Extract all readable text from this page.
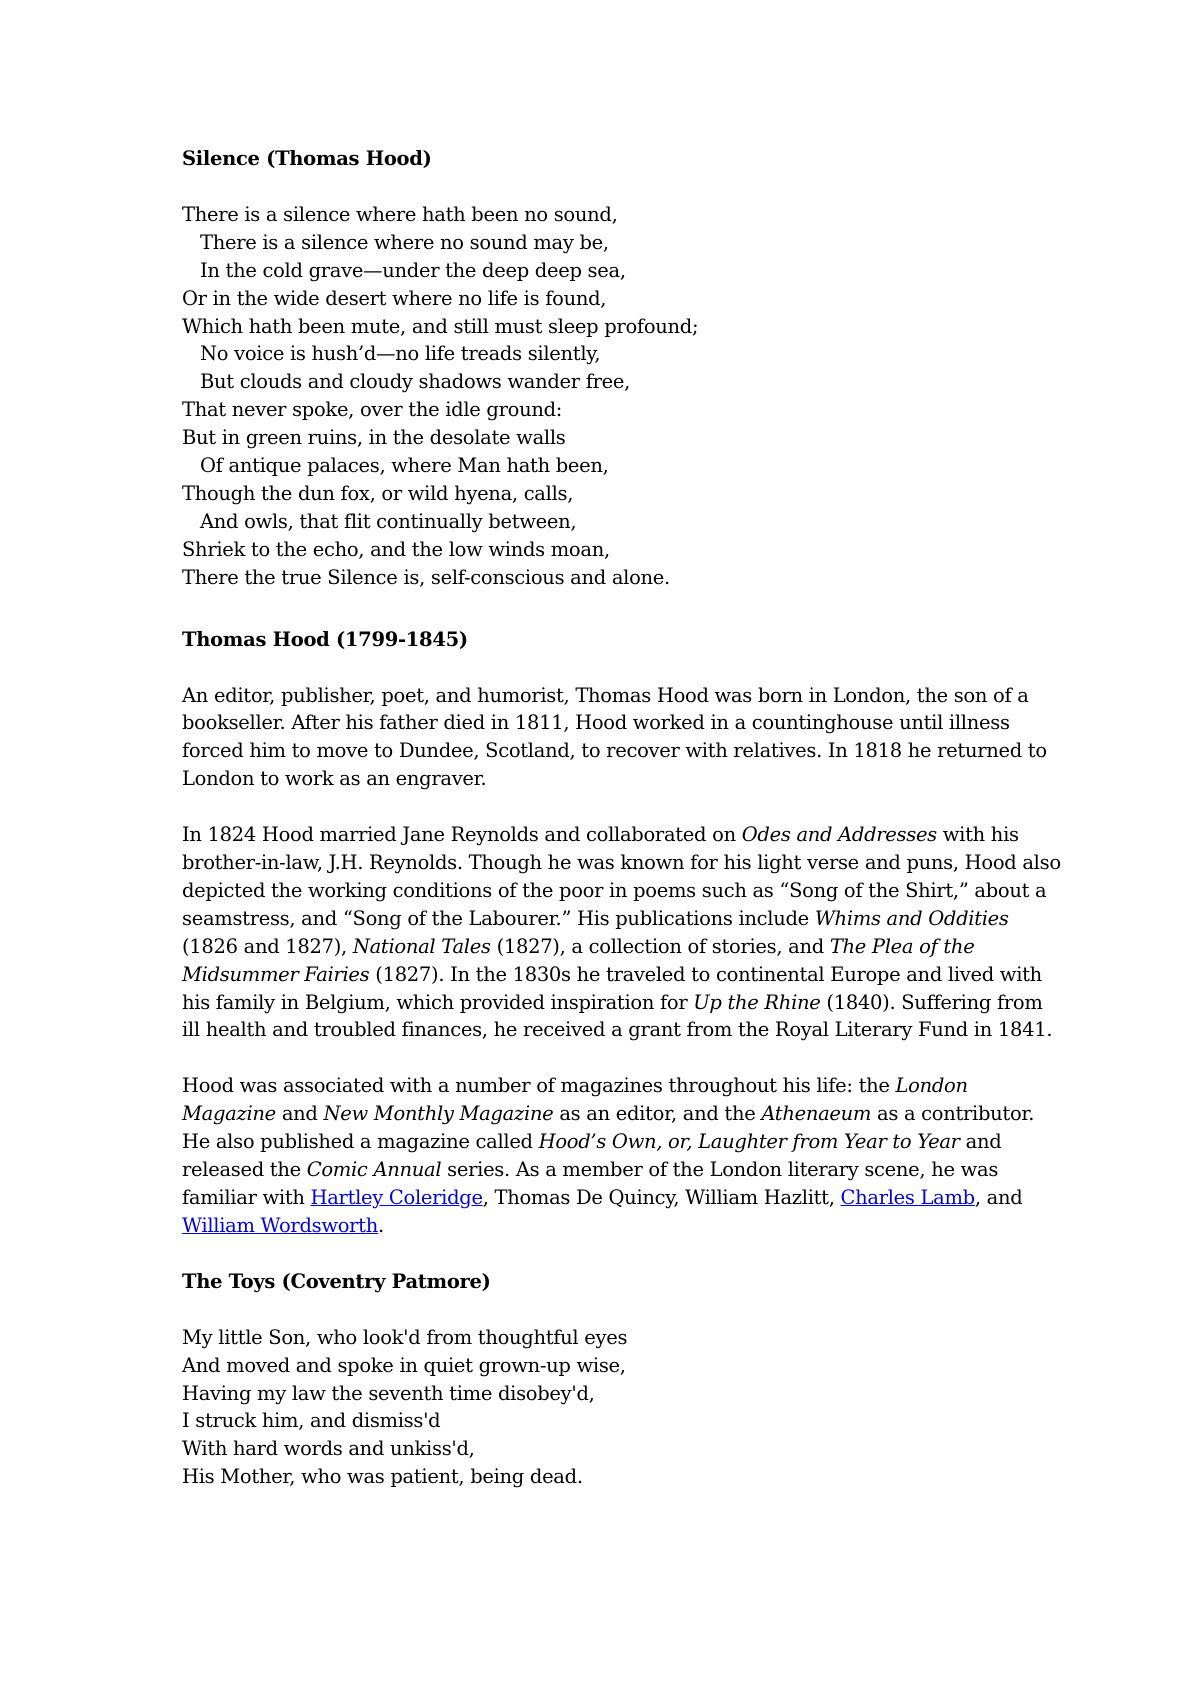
Silence (Thomas Hood)

There is a silence where hath been no sound,
There is a silence where no sound may be,
In the cold grave—under the deep deep sea,
Or in the wide desert where no life is found,
Which hath been mute, and still must sleep profound;
No voice is hush’d—no life treads silently,
But clouds and cloudy shadows wander free,
That never spoke, over the idle ground:
But in green ruins, in the desolate walls
Of antique palaces, where Man hath been,
Though the dun fox, or wild hyena, calls,
And owls, that flit continually between,
Shriek to the echo, and the low winds moan,
There the true Silence is, self-conscious and alone.

Thomas Hood (1799-1845)

An editor, publisher, poet, and humorist, Thomas Hood was born in London, the son of a bookseller. After his father died in 1811, Hood worked in a countinghouse until illness forced him to move to Dundee, Scotland, to recover with relatives. In 1818 he returned to London to work as an engraver.

In 1824 Hood married Jane Reynolds and collaborated on Odes and Addresses with his brother-in-law, J.H. Reynolds. Though he was known for his light verse and puns, Hood also depicted the working conditions of the poor in poems such as “Song of the Shirt,” about a seamstress, and “Song of the Labourer.” His publications include Whims and Oddities (1826 and 1827), National Tales (1827), a collection of stories, and The Plea of the Midsummer Fairies (1827). In the 1830s he traveled to continental Europe and lived with his family in Belgium, which provided inspiration for Up the Rhine (1840). Suffering from ill health and troubled finances, he received a grant from the Royal Literary Fund in 1841.

Hood was associated with a number of magazines throughout his life: the London Magazine and New Monthly Magazine as an editor, and the Athenaeum as a contributor. He also published a magazine called Hood’s Own, or, Laughter from Year to Year and released the Comic Annual series. As a member of the London literary scene, he was familiar with Hartley Coleridge, Thomas De Quincy, William Hazlitt, Charles Lamb, and William Wordsworth.

The Toys (Coventry Patmore)

My little Son, who look'd from thoughtful eyes
And moved and spoke in quiet grown-up wise,
Having my law the seventh time disobey'd,
I struck him, and dismiss'd
With hard words and unkiss'd,
His Mother, who was patient, being dead.
